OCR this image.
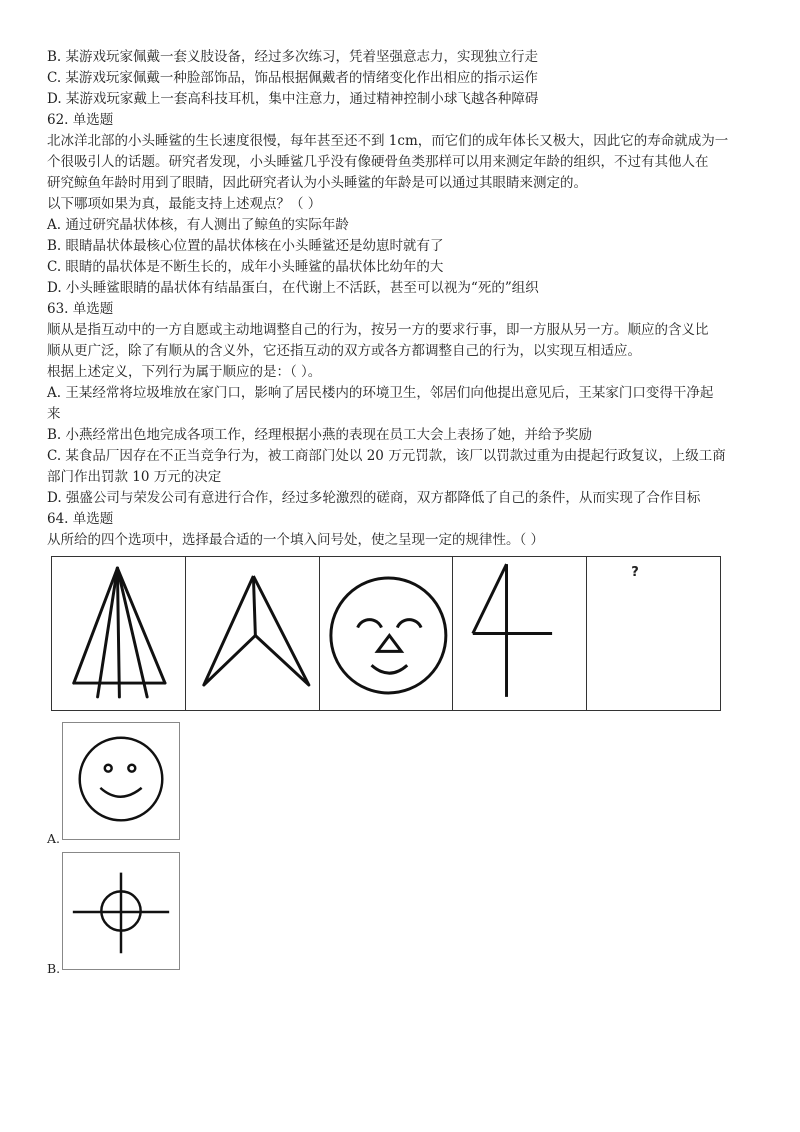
B. 某游戏玩家佩戴一套义肢设备，经过多次练习，凭着坚强意志力，实现独立行走
C. 某游戏玩家佩戴一种脸部饰品，饰品根据佩戴者的情绪变化作出相应的指示运作
D. 某游戏玩家戴上一套高科技耳机，集中注意力，通过精神控制小球飞越各种障碍
62. 单选题
北冰洋北部的小头睡鲨的生长速度很慢，每年甚至还不到 1cm，而它们的成年体长又极大，因此它的寿命就成为一
个很吸引人的话题。研究者发现，小头睡鲨几乎没有像硬骨鱼类那样可以用来测定年龄的组织，不过有其他人在
研究鲸鱼年龄时用到了眼睛，因此研究者认为小头睡鲨的年龄是可以通过其眼睛来测定的。
以下哪项如果为真，最能支持上述观点？（ ）
A. 通过研究晶状体核，有人测出了鲸鱼的实际年龄
B. 眼睛晶状体最核心位置的晶状体核在小头睡鲨还是幼崽时就有了
C. 眼睛的晶状体是不断生长的，成年小头睡鲨的晶状体比幼年的大
D. 小头睡鲨眼睛的晶状体有结晶蛋白，在代谢上不活跃，甚至可以视为“死的”组织
63. 单选题
顺从是指互动中的一方自愿或主动地调整自己的行为，按另一方的要求行事，即一方服从另一方。顺应的含义比
顺从更广泛，除了有顺从的含义外，它还指互动的双方或各方都调整自己的行为，以实现互相适应。
根据上述定义，下列行为属于顺应的是：（ ）。
A. 王某经常将垃圾堆放在家门口，影响了居民楼内的环境卫生，邻居们向他提出意见后，王某家门口变得干净起
来
B. 小燕经常出色地完成各项工作，经理根据小燕的表现在员工大会上表扬了她，并给予奖励
C. 某食品厂因存在不正当竞争行为，被工商部门处以 20 万元罚款，该厂以罚款过重为由提起行政复议，上级工商
部门作出罚款 10 万元的决定
D. 强盛公司与荣发公司有意进行合作，经过多轮激烈的磋商，双方都降低了自己的条件，从而实现了合作目标
64. 单选题
从所给的四个选项中，选择最合适的一个填入问号处，使之呈现一定的规律性。（ ）
?
A.
B.
